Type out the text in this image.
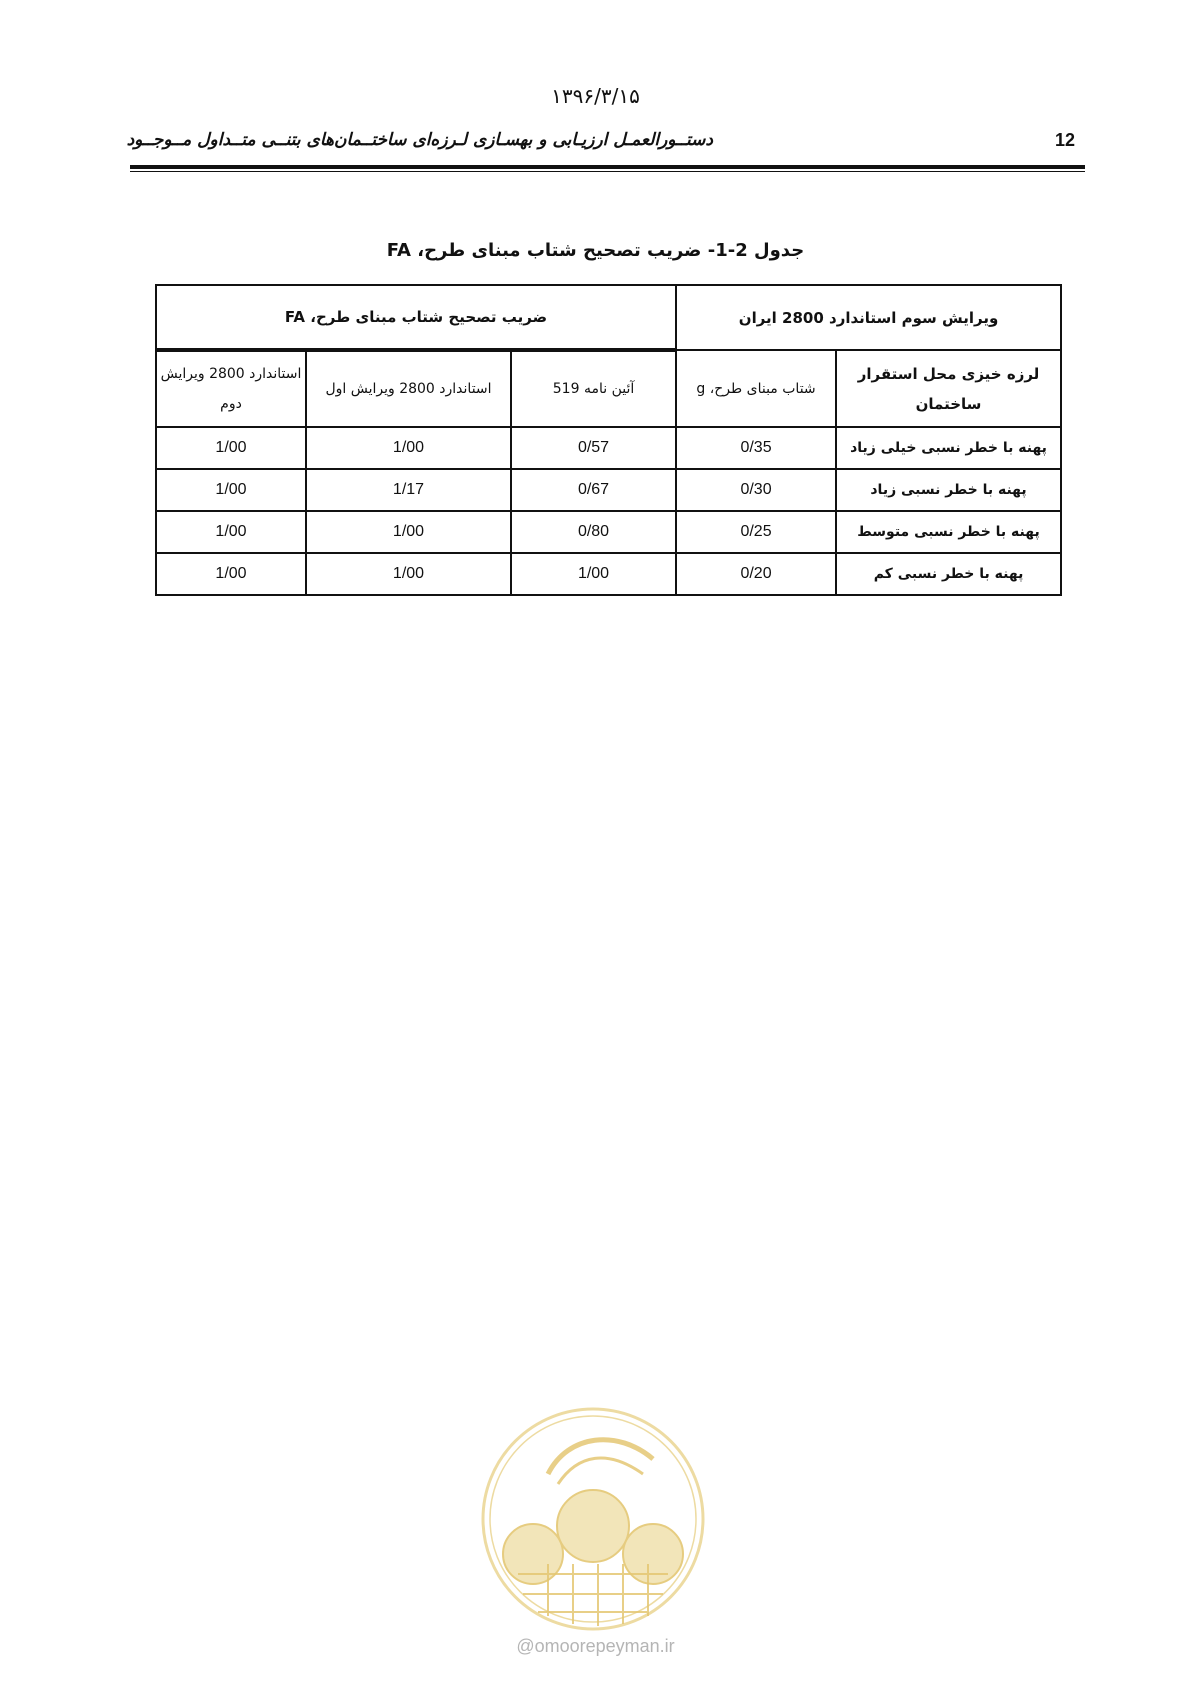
۱۳۹۶/۳/۱۵
دستــورالعمـل ارزیـابی و بهسـازی لـرزه‌ای ساختــمان‌های بتنــی متــداول مــوجــود	12
جدول 2-1- ضریب تصحیح شتاب مبنای طرح، FA
ضریب تصحیح شتاب مبنای طرح، FA			ویرایش سوم استاندارد 2800 ایران	
استاندارد 2800 ویرایش دوم	استاندارد 2800 ویرایش اول	آئین نامه 519	شتاب مبنای طرح، g	لرزه خیزی محل استقرار ساختمان
1/00	1/00	0/57	0/35	پهنه با خطر نسبی خیلی زیاد
1/00	1/17	0/67	0/30	پهنه با خطر نسبی زیاد
1/00	1/00	0/80	0/25	پهنه با خطر نسبی متوسط
1/00	1/00	1/00	0/20	پهنه با خطر نسبی کم
@omoorepeyman.ir
